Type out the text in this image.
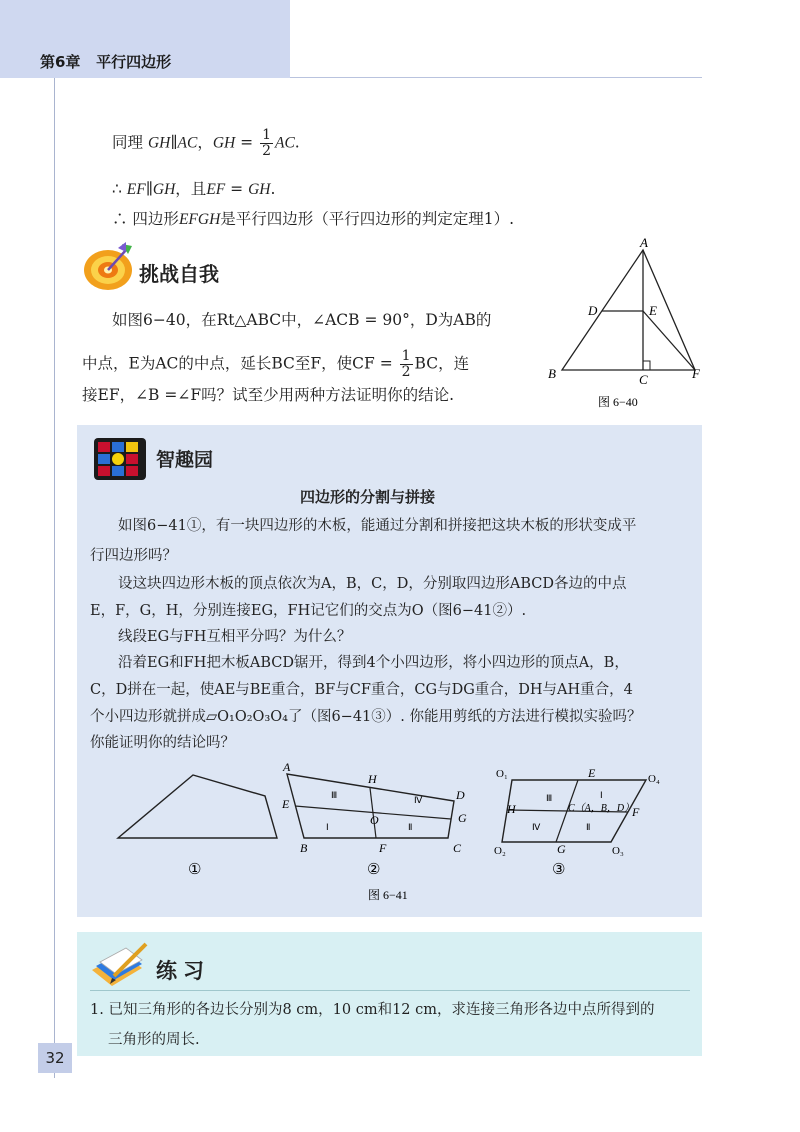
第6章 平行四边形
同理 GH∥AC，GH = $\frac{1}{2}$ AC.
∴ EF∥GH，且EF = GH.
∴ 四边形EFGH是平行四边形（平行四边形的判定定理1）.
挑战自我
如图6−40，在Rt△ABC中，∠ACB = 90°，D为AB的
中点，E为AC的中点，延长BC至F，使CF = $\frac{1}{2}$ BC，连
接EF，∠B =∠F吗？试至少用两种方法证明你的结论.
A
B	C
D	E
F
图 6−40
智趣园
四边形的分割与拼接
如图6−41①，有一块四边形的木板，能通过分割和拼接把这块木板的形状变成平
行四边形吗？
设这块四边形木板的顶点依次为A，B，C，D，分别取四边形ABCD各边的中点
E，F，G，H，分别连接EG，FH记它们的交点为O（图6−41②）.
线段EG与FH互相平分吗？为什么？
沿着EG和FH把木板ABCD锯开，得到4个小四边形，将小四边形的顶点A，B，
C，D拼在一起，使AE与BE重合，BF与CF重合，CG与DG重合，DH与AH重合，4
个小四边形就拼成▱O₁O₂O₃O₄了（图6−41③）. 你能用剪纸的方法进行模拟实验吗？
你能证明你的结论吗？
A
B	C
D
E
F
G
H
O
Ⅰ	Ⅱ
Ⅲ	Ⅳ
O₁
O₂	O₃
O₄
E
F
G
H	C（A，B，D）
Ⅰ
Ⅱ
Ⅲ
Ⅳ
①	②	③
图 6−41
练习
1. 已知三角形的各边长分别为8 cm，10 cm和12 cm，求连接三角形各边中点所得到的
三角形的周长.
32
